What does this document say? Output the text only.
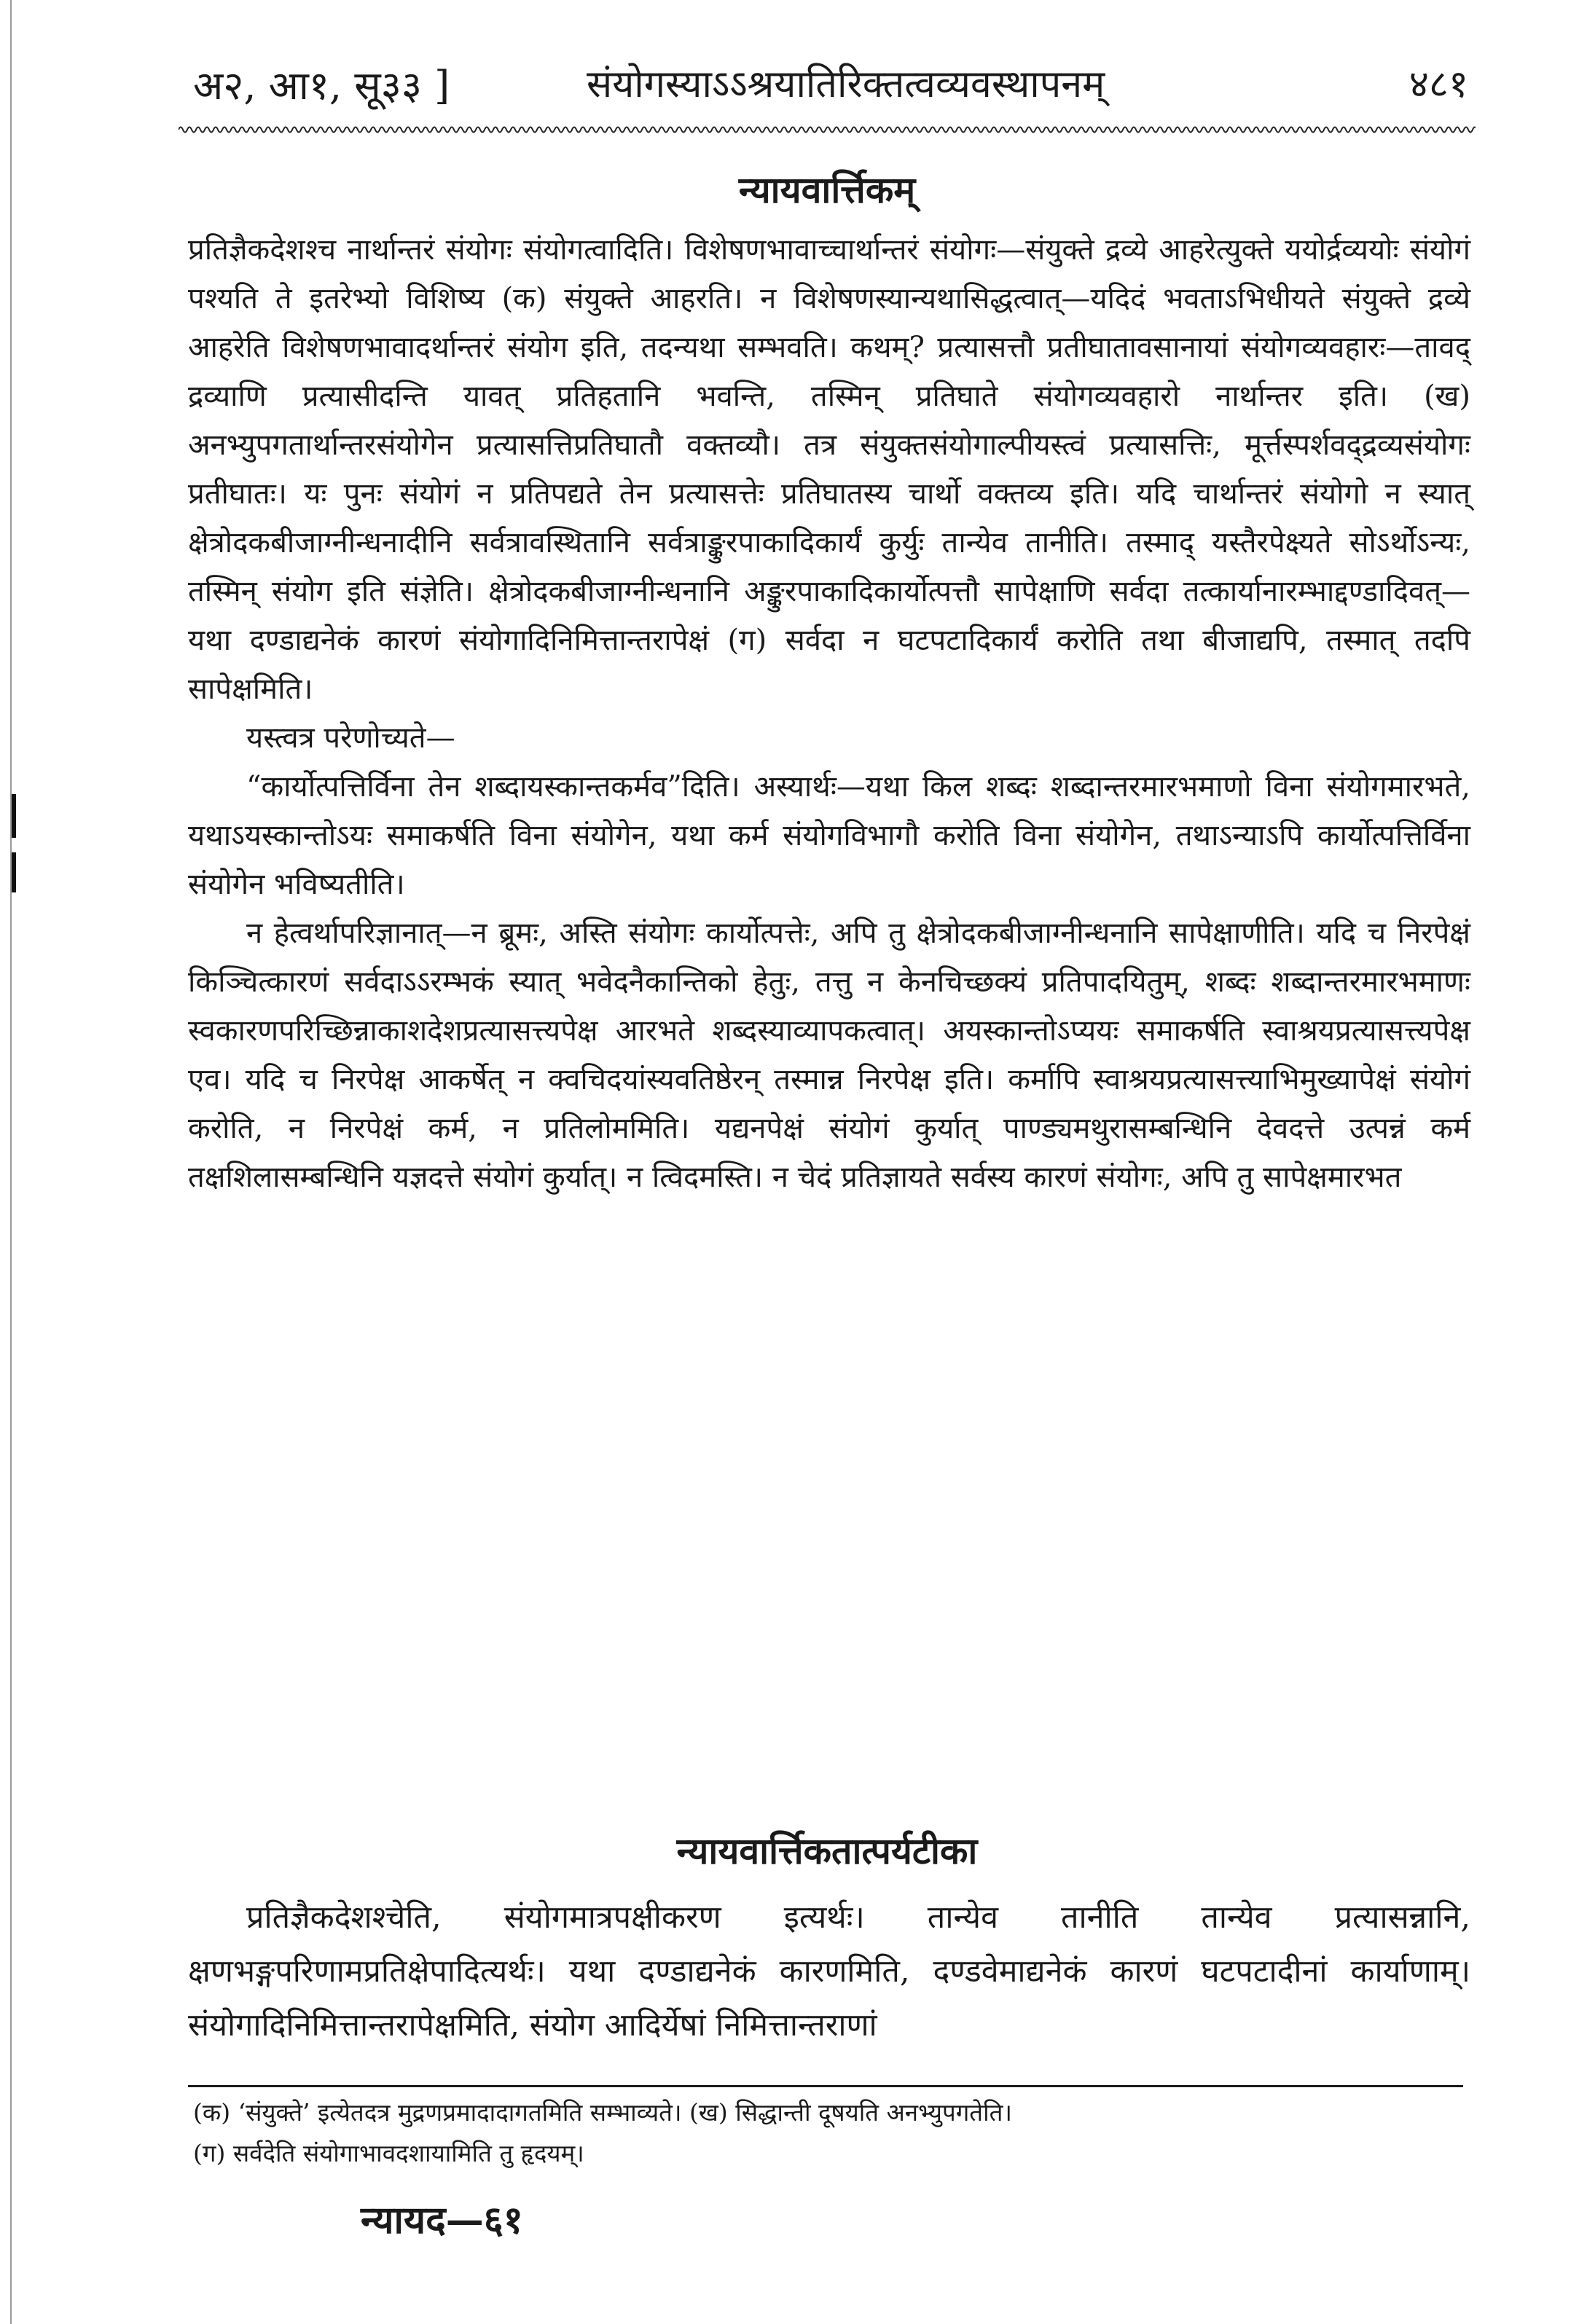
अ२, आ१, सू३३ ]	संयोगस्याऽऽश्रयातिरिक्तत्वव्यवस्थापनम्	४८१
न्यायवार्त्तिकम्

प्रतिज्ञैकदेशश्च नार्थान्तरं संयोगः संयोगत्वादिति। विशेषणभावाच्चार्थान्तरं संयोगः—संयुक्ते द्रव्ये आहरेत्युक्ते ययोर्द्रव्ययोः संयोगं पश्यति ते इतरेभ्यो विशिष्य (क) संयुक्ते आहरति। न विशेषणस्यान्यथासिद्धत्वात्—यदिदं भवताऽभिधीयते संयुक्ते द्रव्ये आहरेति विशेषणभावादर्थान्तरं संयोग इति, तदन्यथा सम्भवति। कथम्? प्रत्यासत्तौ प्रतीघातावसानायां संयोगव्यवहारः—तावद् द्रव्याणि प्रत्यासीदन्ति यावत् प्रतिहतानि भवन्ति, तस्मिन् प्रतिघाते संयोगव्यवहारो नार्थान्तर इति। (ख) अनभ्युपगतार्थान्तरसंयोगेन प्रत्यासत्तिप्रतिघातौ वक्तव्यौ। तत्र संयुक्तसंयोगाल्पीयस्त्वं प्रत्यासत्तिः, मूर्त्तस्पर्शवद्द्रव्यसंयोगः प्रतीघातः। यः पुनः संयोगं न प्रतिपद्यते तेन प्रत्यासत्तेः प्रतिघातस्य चार्थो वक्तव्य इति। यदि चार्थान्तरं संयोगो न स्यात् क्षेत्रोदकबीजाग्नीन्धनादीनि सर्वत्रावस्थितानि सर्वत्राङ्कुरपाकादिकार्यं कुर्युः तान्येव तानीति। तस्माद् यस्तैरपेक्ष्यते सोऽर्थोऽन्यः, तस्मिन् संयोग इति संज्ञेति। क्षेत्रोदकबीजाग्नीन्धनानि अङ्कुरपाकादिकार्योत्पत्तौ सापेक्षाणि सर्वदा तत्कार्यानारम्भाद्दण्डादिवत्—यथा दण्डाद्यनेकं कारणं संयोगादिनिमित्तान्तरापेक्षं (ग) सर्वदा न घटपटादिकार्यं करोति तथा बीजाद्यपि, तस्मात् तदपि सापेक्षमिति।

यस्त्वत्र परेणोच्यते—

“कार्योत्पत्तिर्विना तेन शब्दायस्कान्तकर्मव”दिति। अस्यार्थः—यथा किल शब्दः शब्दान्तरमारभमाणो विना संयोगमारभते, यथाऽयस्कान्तोऽयः समाकर्षति विना संयोगेन, यथा कर्म संयोगविभागौ करोति विना संयोगेन, तथाऽन्याऽपि कार्योत्पत्तिर्विना संयोगेन भविष्यतीति।

न हेत्वर्थापरिज्ञानात्—न ब्रूमः, अस्ति संयोगः कार्योत्पत्तेः, अपि तु क्षेत्रोदकबीजाग्नीन्धनानि सापेक्षाणीति। यदि च निरपेक्षं किञ्चित्कारणं सर्वदाऽऽरम्भकं स्यात् भवेदनैकान्तिको हेतुः, तत्तु न केनचिच्छक्यं प्रतिपादयितुम्, शब्दः शब्दान्तरमारभमाणः स्वकारणपरिच्छिन्नाकाशदेशप्रत्यासत्त्यपेक्ष आरभते शब्दस्याव्यापकत्वात्। अयस्कान्तोऽप्ययः समाकर्षति स्वाश्रयप्रत्यासत्त्यपेक्ष एव। यदि च निरपेक्ष आकर्षेत् न क्वचिदयांस्यवतिष्ठेरन् तस्मान्न निरपेक्ष इति। कर्मापि स्वाश्रयप्रत्यासत्त्याभिमुख्यापेक्षं संयोगं करोति, न निरपेक्षं कर्म, न प्रतिलोममिति। यद्यनपेक्षं संयोगं कुर्यात् पाण्ड्यमथुरासम्बन्धिनि देवदत्ते उत्पन्नं कर्म तक्षशिलासम्बन्धिनि यज्ञदत्ते संयोगं कुर्यात्। न त्विदमस्ति। न चेदं प्रतिज्ञायते सर्वस्य कारणं संयोगः, अपि तु सापेक्षमारभत

न्यायवार्त्तिकतात्पर्यटीका

प्रतिज्ञैकदेशश्चेति, संयोगमात्रपक्षीकरण इत्यर्थः। तान्येव तानीति तान्येव प्रत्यासन्नानि, क्षणभङ्गपरिणामप्रतिक्षेपादित्यर्थः। यथा दण्डाद्यनेकं कारणमिति, दण्डवेमाद्यनेकं कारणं घटपटादीनां कार्याणाम्। संयोगादिनिमित्तान्तरापेक्षमिति, संयोग आदिर्येषां निमित्तान्तराणां

(क) ‘संयुक्ते’ इत्येतदत्र मुद्रणप्रमादादागतमिति सम्भाव्यते। (ख) सिद्धान्ती दूषयति अनभ्युपगतेति।

(ग) सर्वदेति संयोगाभावदशायामिति तु हृदयम्।

न्यायद—६१
